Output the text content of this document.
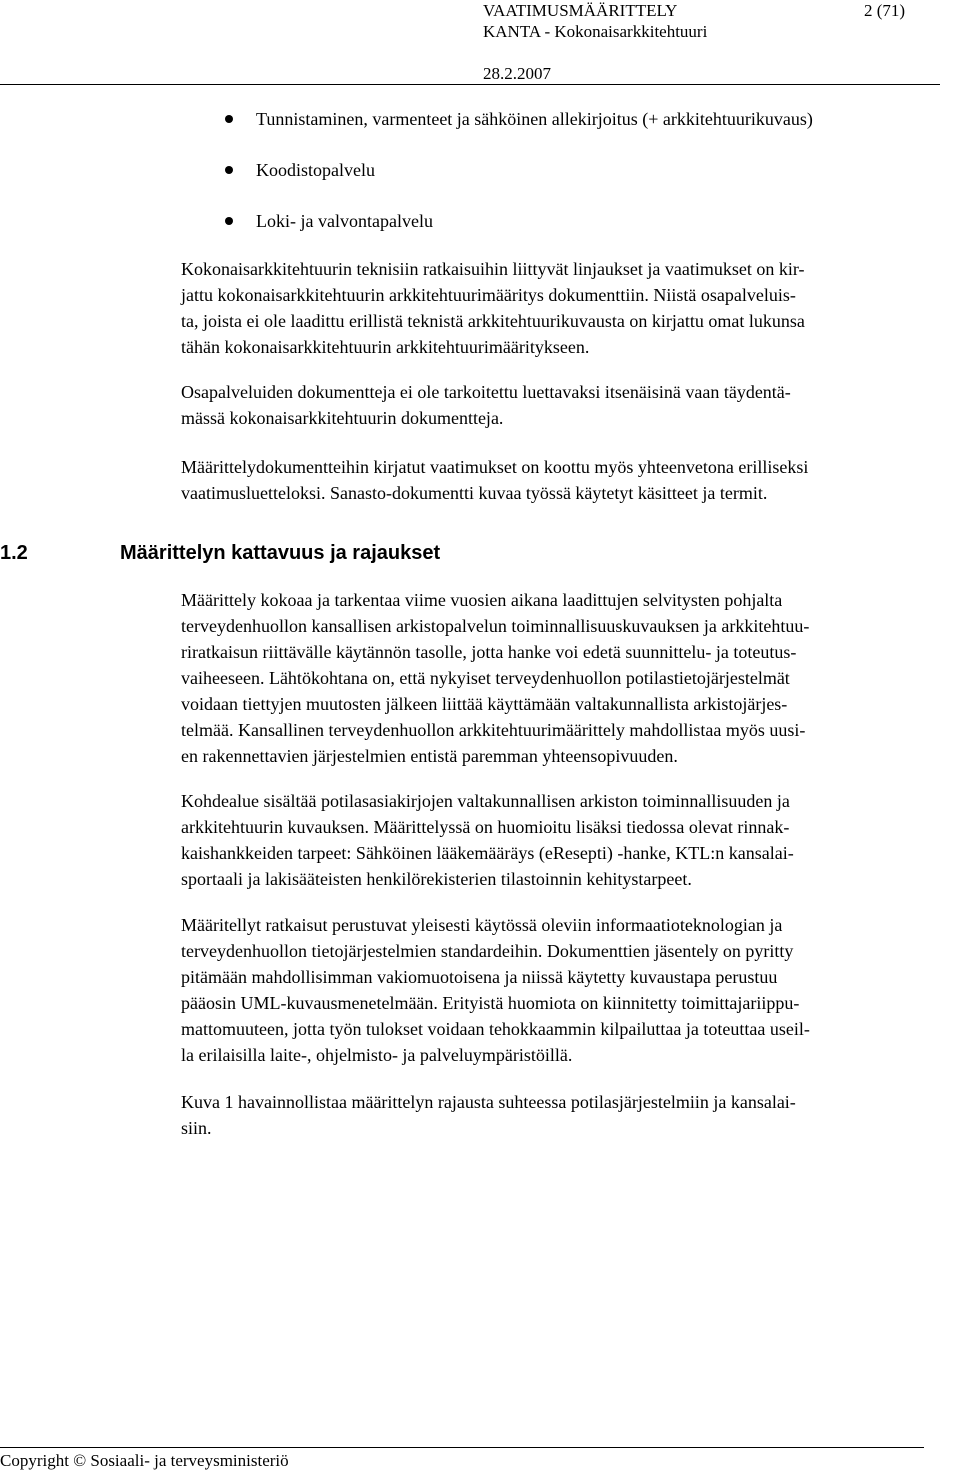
VAATIMUSMÄÄRITTELY	2 (71)
KANTA - Kokonaisarkkitehtuuri
28.2.2007
Tunnistaminen, varmenteet ja sähköinen allekirjoitus (+ arkkitehtuurikuvaus)
Koodistopalvelu
Loki- ja valvontapalvelu
Kokonaisarkkitehtuurin teknisiin ratkaisuihin liittyvät linjaukset ja vaatimukset on kir-
jattu kokonaisarkkitehtuurin arkkitehtuurimääritys dokumenttiin. Niistä osapalveluis-
ta, joista ei ole laadittu erillistä teknistä arkkitehtuurikuvausta on kirjattu omat lukunsa
tähän kokonaisarkkitehtuurin arkkitehtuurimääritykseen.
Osapalveluiden dokumentteja ei ole tarkoitettu luettavaksi itsenäisinä vaan täydentä-
mässä kokonaisarkkitehtuurin dokumentteja.
Määrittelydokumentteihin kirjatut vaatimukset on koottu myös yhteenvetona erilliseksi
vaatimusluetteloksi. Sanasto-dokumentti kuvaa työssä käytetyt käsitteet ja termit.
1.2	Määrittelyn kattavuus ja rajaukset
Määrittely kokoaa ja tarkentaa viime vuosien aikana laadittujen selvitysten pohjalta
terveydenhuollon kansallisen arkistopalvelun toiminnallisuuskuvauksen ja arkkitehtuu-
riratkaisun riittävälle käytännön tasolle, jotta hanke voi edetä suunnittelu- ja toteutus-
vaiheeseen. Lähtökohtana on, että nykyiset terveydenhuollon potilastietojärjestelmät
voidaan tiettyjen muutosten jälkeen liittää käyttämään valtakunnallista arkistojärjes-
telmää. Kansallinen terveydenhuollon arkkitehtuurimäärittely mahdollistaa myös uusi-
en rakennettavien järjestelmien entistä paremman yhteensopivuuden.
Kohdealue sisältää potilasasiakirjojen valtakunnallisen arkiston toiminnallisuuden ja
arkkitehtuurin kuvauksen. Määrittelyssä on huomioitu lisäksi tiedossa olevat rinnak-
kaishankkeiden tarpeet: Sähköinen lääkemääräys (eResepti) -hanke, KTL:n kansalai-
sportaali ja lakisääteisten henkilörekisterien tilastoinnin kehitystarpeet.
Määritellyt ratkaisut perustuvat yleisesti käytössä oleviin informaatioteknologian ja
terveydenhuollon tietojärjestelmien standardeihin. Dokumenttien jäsentely on pyritty
pitämään mahdollisimman vakiomuotoisena ja niissä käytetty kuvaustapa perustuu
pääosin UML-kuvausmenetelmään. Erityistä huomiota on kiinnitetty toimittajariippu-
mattomuuteen, jotta työn tulokset voidaan tehokkaammin kilpailuttaa ja toteuttaa useil-
la erilaisilla laite-, ohjelmisto- ja palveluympäristöillä.
Kuva 1 havainnollistaa määrittelyn rajausta suhteessa potilasjärjestelmiin ja kansalai-
siin.
Copyright © Sosiaali- ja terveysministeriö
